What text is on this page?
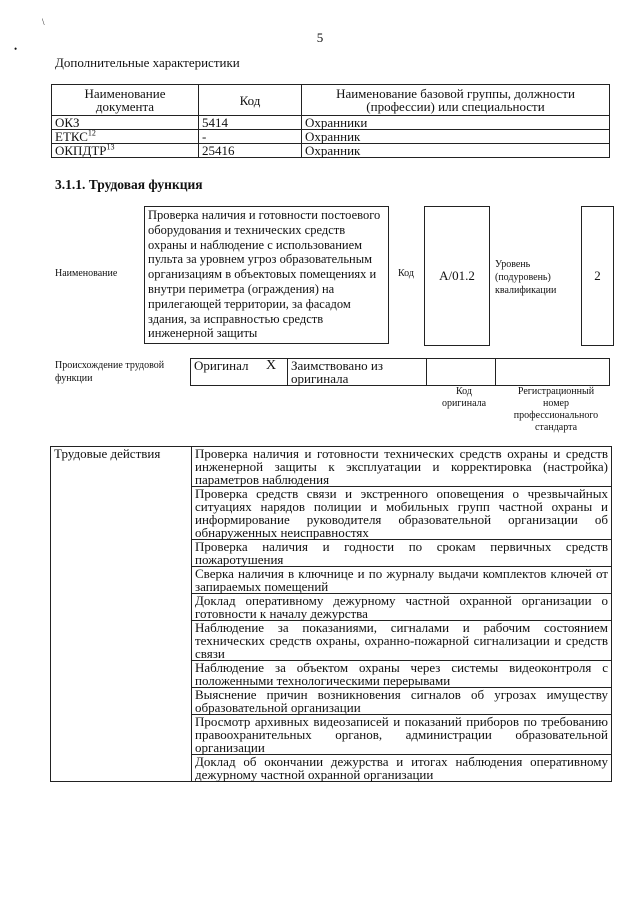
\
•
5
Дополнительные характеристики
Наименование документа	Код	Наименование базовой группы, должности (профессии) или специальности
ОКЗ	5414	Охранники
ЕТКС$^{12}$	-	Охранник
ОКПДТР$^{13}$	25416	Охранник
3.1.1. Трудовая функция
Наименование
Проверка наличия и готовности постоевого оборудования и технических средств охраны и наблюдение с использованием пульта за уровнем угроз образовательным организациям в объектовых помещениях и внутри периметра (ограждения) на прилегающей территории, за фасадом здания, за исправностью средств инженерной защиты
Код A/01.2
Уровень (подуровень) квалификации
2
Происхождение трудовой функции
Оригинал	X	Заимствовано из оригинала		
Код оригинала
Регистрационный номер профессионального стандарта
Трудовые действия	Проверка наличия и готовности технических средств охраны и средств инженерной защиты к эксплуатации и корректировка (настройка) параметров наблюдения
Проверка средств связи и экстренного оповещения о чрезвычайных ситуациях нарядов полиции и мобильных групп частной охраны и информирование руководителя образовательной организации об обнаруженных неисправностях
Проверка наличия и годности по срокам первичных средств пожаротушения
Сверка наличия в ключнице и по журналу выдачи комплектов ключей от запираемых помещений
Доклад оперативному дежурному частной охранной организации о готовности к началу дежурства
Наблюдение за показаниями, сигналами и рабочим состоянием технических средств охраны, охранно-пожарной сигнализации и средств связи
Наблюдение за объектом охраны через системы видеоконтроля с положенными технологическими перерывами
Выяснение причин возникновения сигналов об угрозах имуществу образовательной организации
Просмотр архивных видеозаписей и показаний приборов по требованию правоохранительных органов, администрации образовательной организации
Доклад об окончании дежурства и итогах наблюдения оперативному дежурному частной охранной организации
